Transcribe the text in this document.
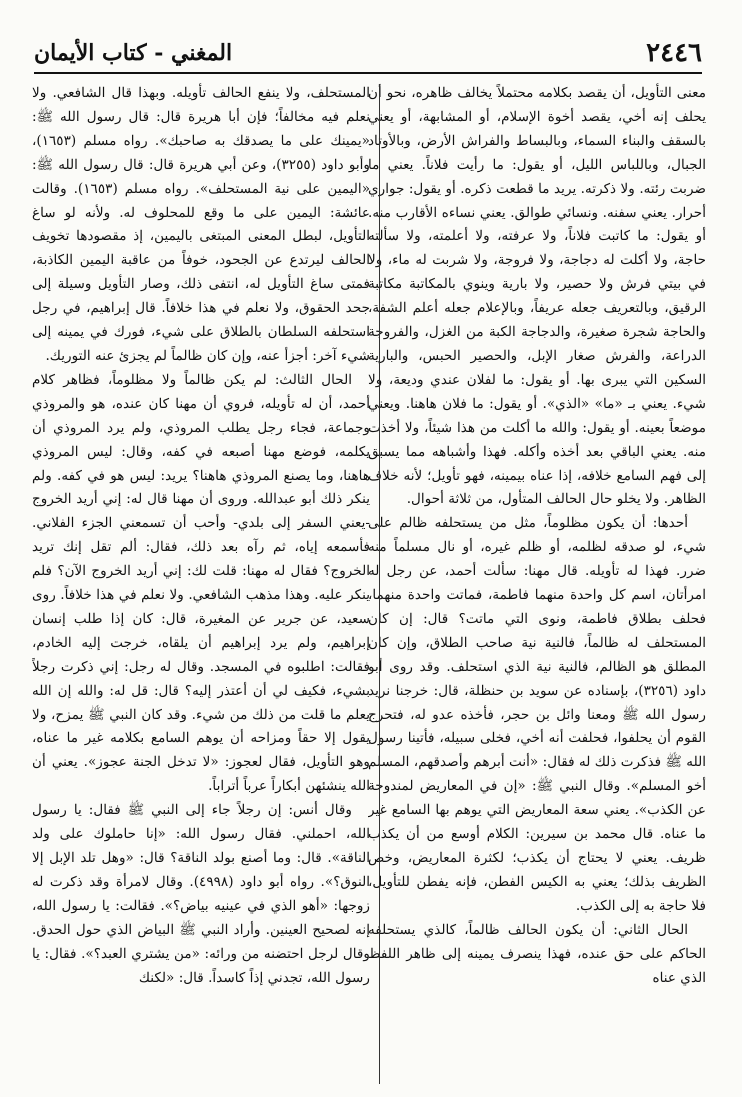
٢٤٤٦
المغني - كتاب الأيمان

معنى التأويل، أن يقصد بكلامه محتملاً يخالف ظاهره، نحو أن يحلف إنه أخي، يقصد أخوة الإسلام، أو المشابهة، أو يعني بالسقف والبناء السماء، وبالبساط والفراش الأرض، وبالأوتاد الجبال، وباللباس الليل، أو يقول: ما رأيت فلاناً. يعني ما ضربت رئته. ولا ذكرته. يريد ما قطعت ذكره. أو يقول: جواري أحرار. يعني سفنه. ونسائي طوالق. يعني نساءه الأقارب منه. أو يقول: ما كاتبت فلاناً، ولا عرفته، ولا أعلمته، ولا سألته حاجة، ولا أكلت له دجاجة، ولا فروجة، ولا شربت له ماء، ولا في بيتي فرش ولا حصير، ولا بارية وينوي بالمكاتبة مكاتبة الرقيق، وبالتعريف جعله عريفاً، وبالإعلام جعله أعلم الشفة، والحاجة شجرة صغيرة، والدجاجة الكبة من الغزل، والفروجة الدراعة، والفرش صغار الإبل، والحصير الحبس، والبارية السكين التي يبرى بها. أو يقول: ما لفلان عندي وديعة، ولا شيء. يعني بـ «ما» «الذي». أو يقول: ما فلان هاهنا. ويعني موضعاً بعينه. أو يقول: والله ما أكلت من هذا شيئاً، ولا أخذت منه. يعني الباقي بعد أخذه وأكله. فهذا وأشباهه مما يسبق إلى فهم السامع خلافه، إذا عناه بيمينه، فهو تأويل؛ لأنه خلاف الظاهر. ولا يخلو حال الحالف المتأول، من ثلاثة أحوال.

أحدها: أن يكون مظلوماً، مثل من يستحلفه ظالم على شيء، لو صدقه لظلمه، أو ظلم غيره، أو نال مسلماً منه ضرر. فهذا له تأويله. قال مهنا: سألت أحمد، عن رجل له امرأتان، اسم كل واحدة منهما فاطمة، فماتت واحدة منهما، فحلف بطلاق فاطمة، ونوى التي ماتت؟ قال: إن كان المستحلف له ظالماً، فالنية نية صاحب الطلاق، وإن كان المطلق هو الظالم، فالنية نية الذي استحلف. وقد روى أبو داود (٣٢٥٦)، بإسناده عن سويد بن حنظلة، قال: خرجنا نريد رسول الله ﷺ ومعنا وائل بن حجر، فأخذه عدو له، فتحرج القوم أن يحلفوا، فحلفت أنه أخي، فخلى سبيله، فأتينا رسول الله ﷺ فذكرت ذلك له فقال: «أنت أبرهم وأصدقهم، المسلم أخو المسلم». وقال النبي ﷺ: «إن في المعاريض لمندوحة عن الكذب». يعني سعة المعاريض التي يوهم بها السامع غير ما عناه. قال محمد بن سيرين: الكلام أوسع من أن يكذب ظريف. يعني لا يحتاج أن يكذب؛ لكثرة المعاريض، وخص الظريف بذلك؛ يعني به الكيس الفطن، فإنه يفطن للتأويل، فلا حاجة به إلى الكذب.

الحال الثاني: أن يكون الحالف ظالماً، كالذي يستحلفه الحاكم على حق عنده، فهذا ينصرف يمينه إلى ظاهر اللفظ الذي عناه

المستحلف، ولا ينفع الحالف تأويله. وبهذا قال الشافعي. ولا نعلم فيه مخالفاً؛ فإن أبا هريرة قال: قال رسول الله ﷺ: «يمينك على ما يصدقك به صاحبك». رواه مسلم (١٦٥٣)، وأبو داود (٣٢٥٥)، وعن أبي هريرة قال: قال رسول الله ﷺ: «اليمين على نية المستحلف». رواه مسلم (١٦٥٣). وقالت عائشة: اليمين على ما وقع للمحلوف له. ولأنه لو ساغ التأويل، لبطل المعنى المبتغى باليمين، إذ مقصودها تخويف الحالف ليرتدع عن الجحود، خوفاً من عاقبة اليمين الكاذبة، فمتى ساغ التأويل له، انتفى ذلك، وصار التأويل وسيلة إلى جحد الحقوق، ولا نعلم في هذا خلافاً. قال إبراهيم، في رجل استحلفه السلطان بالطلاق على شيء، فورك في يمينه إلى شيء آخر: أجزأ عنه، وإن كان ظالماً لم يجزئ عنه التوريك.

الحال الثالث: لم يكن ظالماً ولا مظلوماً، فظاهر كلام أحمد، أن له تأويله، فروي أن مهنا كان عنده، هو والمروذي وجماعة، فجاء رجل يطلب المروذي، ولم يرد المروذي أن يكلمه، فوضع مهنا أصبعه في كفه، وقال: ليس المروذي هاهنا، وما يصنع المروذي هاهنا؟ يريد: ليس هو في كفه. ولم ينكر ذلك أبو عبدالله. وروى أن مهنا قال له: إني أريد الخروج -يعني السفر إلى بلدي- وأحب أن تسمعني الجزء الفلاني. فأسمعه إياه، ثم رآه بعد ذلك، فقال: ألم تقل إنك تريد الخروج؟ فقال له مهنا: قلت لك: إني أريد الخروج الآن؟ فلم ينكر عليه. وهذا مذهب الشافعي. ولا نعلم في هذا خلافاً. روى سعيد، عن جرير عن المغيرة، قال: كان إذا طلب إنسان إبراهيم، ولم يرد إبراهيم أن يلقاه، خرجت إليه الخادم، فقالت: اطلبوه في المسجد. وقال له رجل: إني ذكرت رجلاً بشيء، فكيف لي أن أعتذر إليه؟ قال: قل له: والله إن الله يعلم ما قلت من ذلك من شيء. وقد كان النبي ﷺ يمزح، ولا يقول إلا حقاً ومزاحه أن يوهم السامع بكلامه غير ما عناه، وهو التأويل، فقال لعجوز: «لا تدخل الجنة عجوز». يعني أن الله ينشئهن أبكاراً عرباً أتراباً.

وقال أنس: إن رجلاً جاء إلى النبي ﷺ فقال: يا رسول الله، احملني. فقال رسول الله: «إنا حاملوك على ولد الناقة». قال: وما أصنع بولد الناقة؟ قال: «وهل تلد الإبل إلا النوق؟». رواه أبو داود (٤٩٩٨). وقال لامرأة وقد ذكرت له زوجها: «أهو الذي في عينيه بياض؟». فقالت: يا رسول الله، إنه لصحيح العينين. وأراد النبي ﷺ البياض الذي حول الحدق. وقال لرجل احتضنه من ورائه: «من يشتري العبد؟». فقال: يا رسول الله، تجدني إذاً كاسداً. قال: «لكنك
